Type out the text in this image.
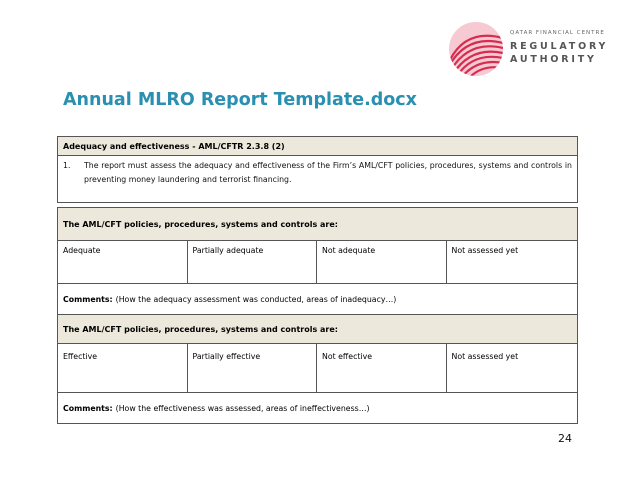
QATAR FINANCIAL CENTRE
REGULATORY
AUTHORITY
Annual MLRO Report Template.docx
Adequacy and effectiveness - AML/CFTR 2.3.8 (2)
1.	The report must assess the adequacy and effectiveness of the Firm’s AML/CFT policies, procedures, systems and controls in preventing money laundering and terrorist financing.
The AML/CFT policies, procedures, systems and controls are:
Adequate	Partially adequate	Not adequate	Not assessed yet
Comments: (How the adequacy assessment was conducted, areas of inadequacy…)
The AML/CFT policies, procedures, systems and controls are:
Effective	Partially effective	Not effective	Not assessed yet
Comments: (How the effectiveness was assessed, areas of ineffectiveness…)
24
